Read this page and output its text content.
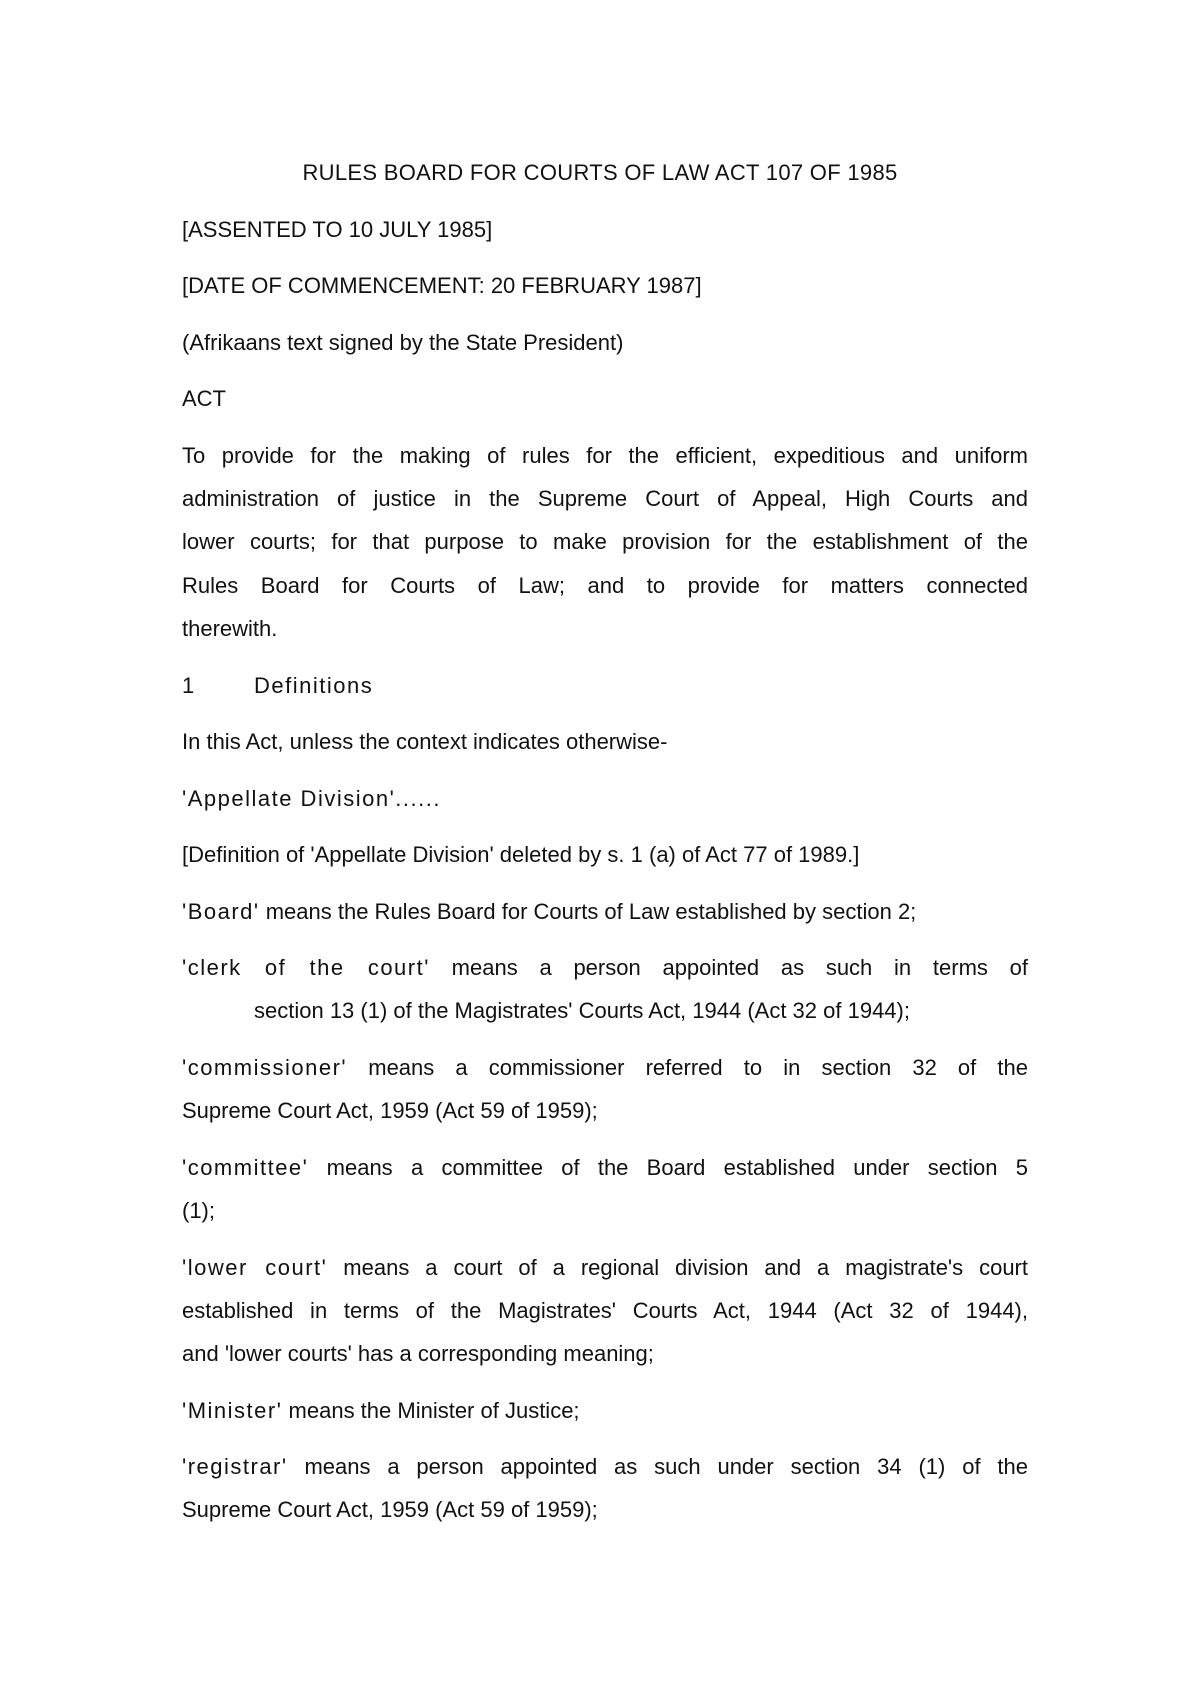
RULES BOARD FOR COURTS OF LAW ACT 107 OF 1985

[ASSENTED TO 10 JULY 1985]

[DATE OF COMMENCEMENT: 20 FEBRUARY 1987]

(Afrikaans text signed by the State President)

ACT

To provide for the making of rules for the efficient, expeditious and uniform

administration of justice in the Supreme Court of Appeal, High Courts and

lower courts; for that purpose to make provision for the establishment of the

Rules Board for Courts of Law; and to provide for matters connected

therewith.

1	Definitions

In this Act, unless the context indicates otherwise-

'Appellate Division'......

[Definition of 'Appellate Division' deleted by s. 1 (a) of Act 77 of 1989.]

'Board' means the Rules Board for Courts of Law established by section 2;

'clerk of the court' means a person appointed as such in terms of

section 13 (1) of the Magistrates' Courts Act, 1944 (Act 32 of 1944);

'commissioner' means a commissioner referred to in section 32 of the

Supreme Court Act, 1959 (Act 59 of 1959);

'committee' means a committee of the Board established under section 5

(1);

'lower court' means a court of a regional division and a magistrate's court

established in terms of the Magistrates' Courts Act, 1944 (Act 32 of 1944),

and 'lower courts' has a corresponding meaning;

'Minister' means the Minister of Justice;

'registrar' means a person appointed as such under section 34 (1) of the

Supreme Court Act, 1959 (Act 59 of 1959);
